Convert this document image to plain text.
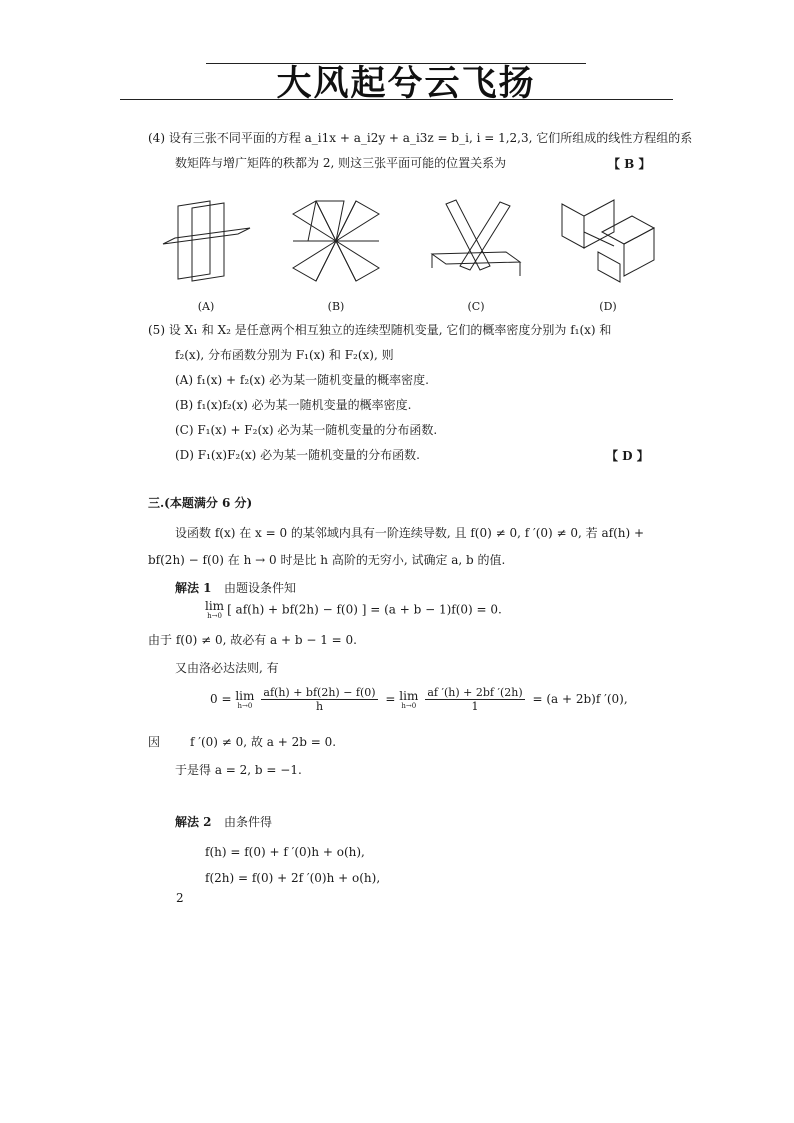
大风起兮云飞扬
(4) 设有三张不同平面的方程 a_i1x + a_i2y + a_i3z = b_i, i = 1,2,3, 它们所组成的线性方程组的系
数矩阵与增广矩阵的秩都为 2, 则这三张平面可能的位置关系为	【 B 】
(A)	(B)	(C)	(D)
(5) 设 X₁ 和 X₂ 是任意两个相互独立的连续型随机变量, 它们的概率密度分别为 f₁(x) 和
f₂(x), 分布函数分别为 F₁(x) 和 F₂(x), 则
(A) f₁(x) + f₂(x) 必为某一随机变量的概率密度.
(B) f₁(x)f₂(x) 必为某一随机变量的概率密度.
(C) F₁(x) + F₂(x) 必为某一随机变量的分布函数.
(D) F₁(x)F₂(x) 必为某一随机变量的分布函数.	【 D 】
三.(本题满分 6 分)
设函数 f(x) 在 x = 0 的某邻域内具有一阶连续导数, 且 f(0) ≠ 0, f ′(0) ≠ 0, 若 af(h) +
bf(2h) − f(0) 在 h → 0 时是比 h 高阶的无穷小, 试确定 a, b 的值.
解法 1 由题设条件知
lim
h→0 [ af(h) + bf(2h) − f(0) ] = (a + b − 1)f(0) = 0.
由于 f(0) ≠ 0, 故必有 a + b − 1 = 0.
又由洛必达法则, 有
0 = lim
$h\to 0 \frac{af(h) + bf(2h) - f(0)}{h} = \lim$
$h\to 0 \frac{af '(h) + 2bf '(2h)}{1} = (a + 2b)f$ ′(0),
因 f ′(0) ≠ 0, 故 a + 2b = 0.
于是得 a = 2, b = −1.
解法 2 由条件得
f(h) = f(0) + f ′(0)h + o(h),
f(2h) = f(0) + 2f ′(0)h + o(h),
2
